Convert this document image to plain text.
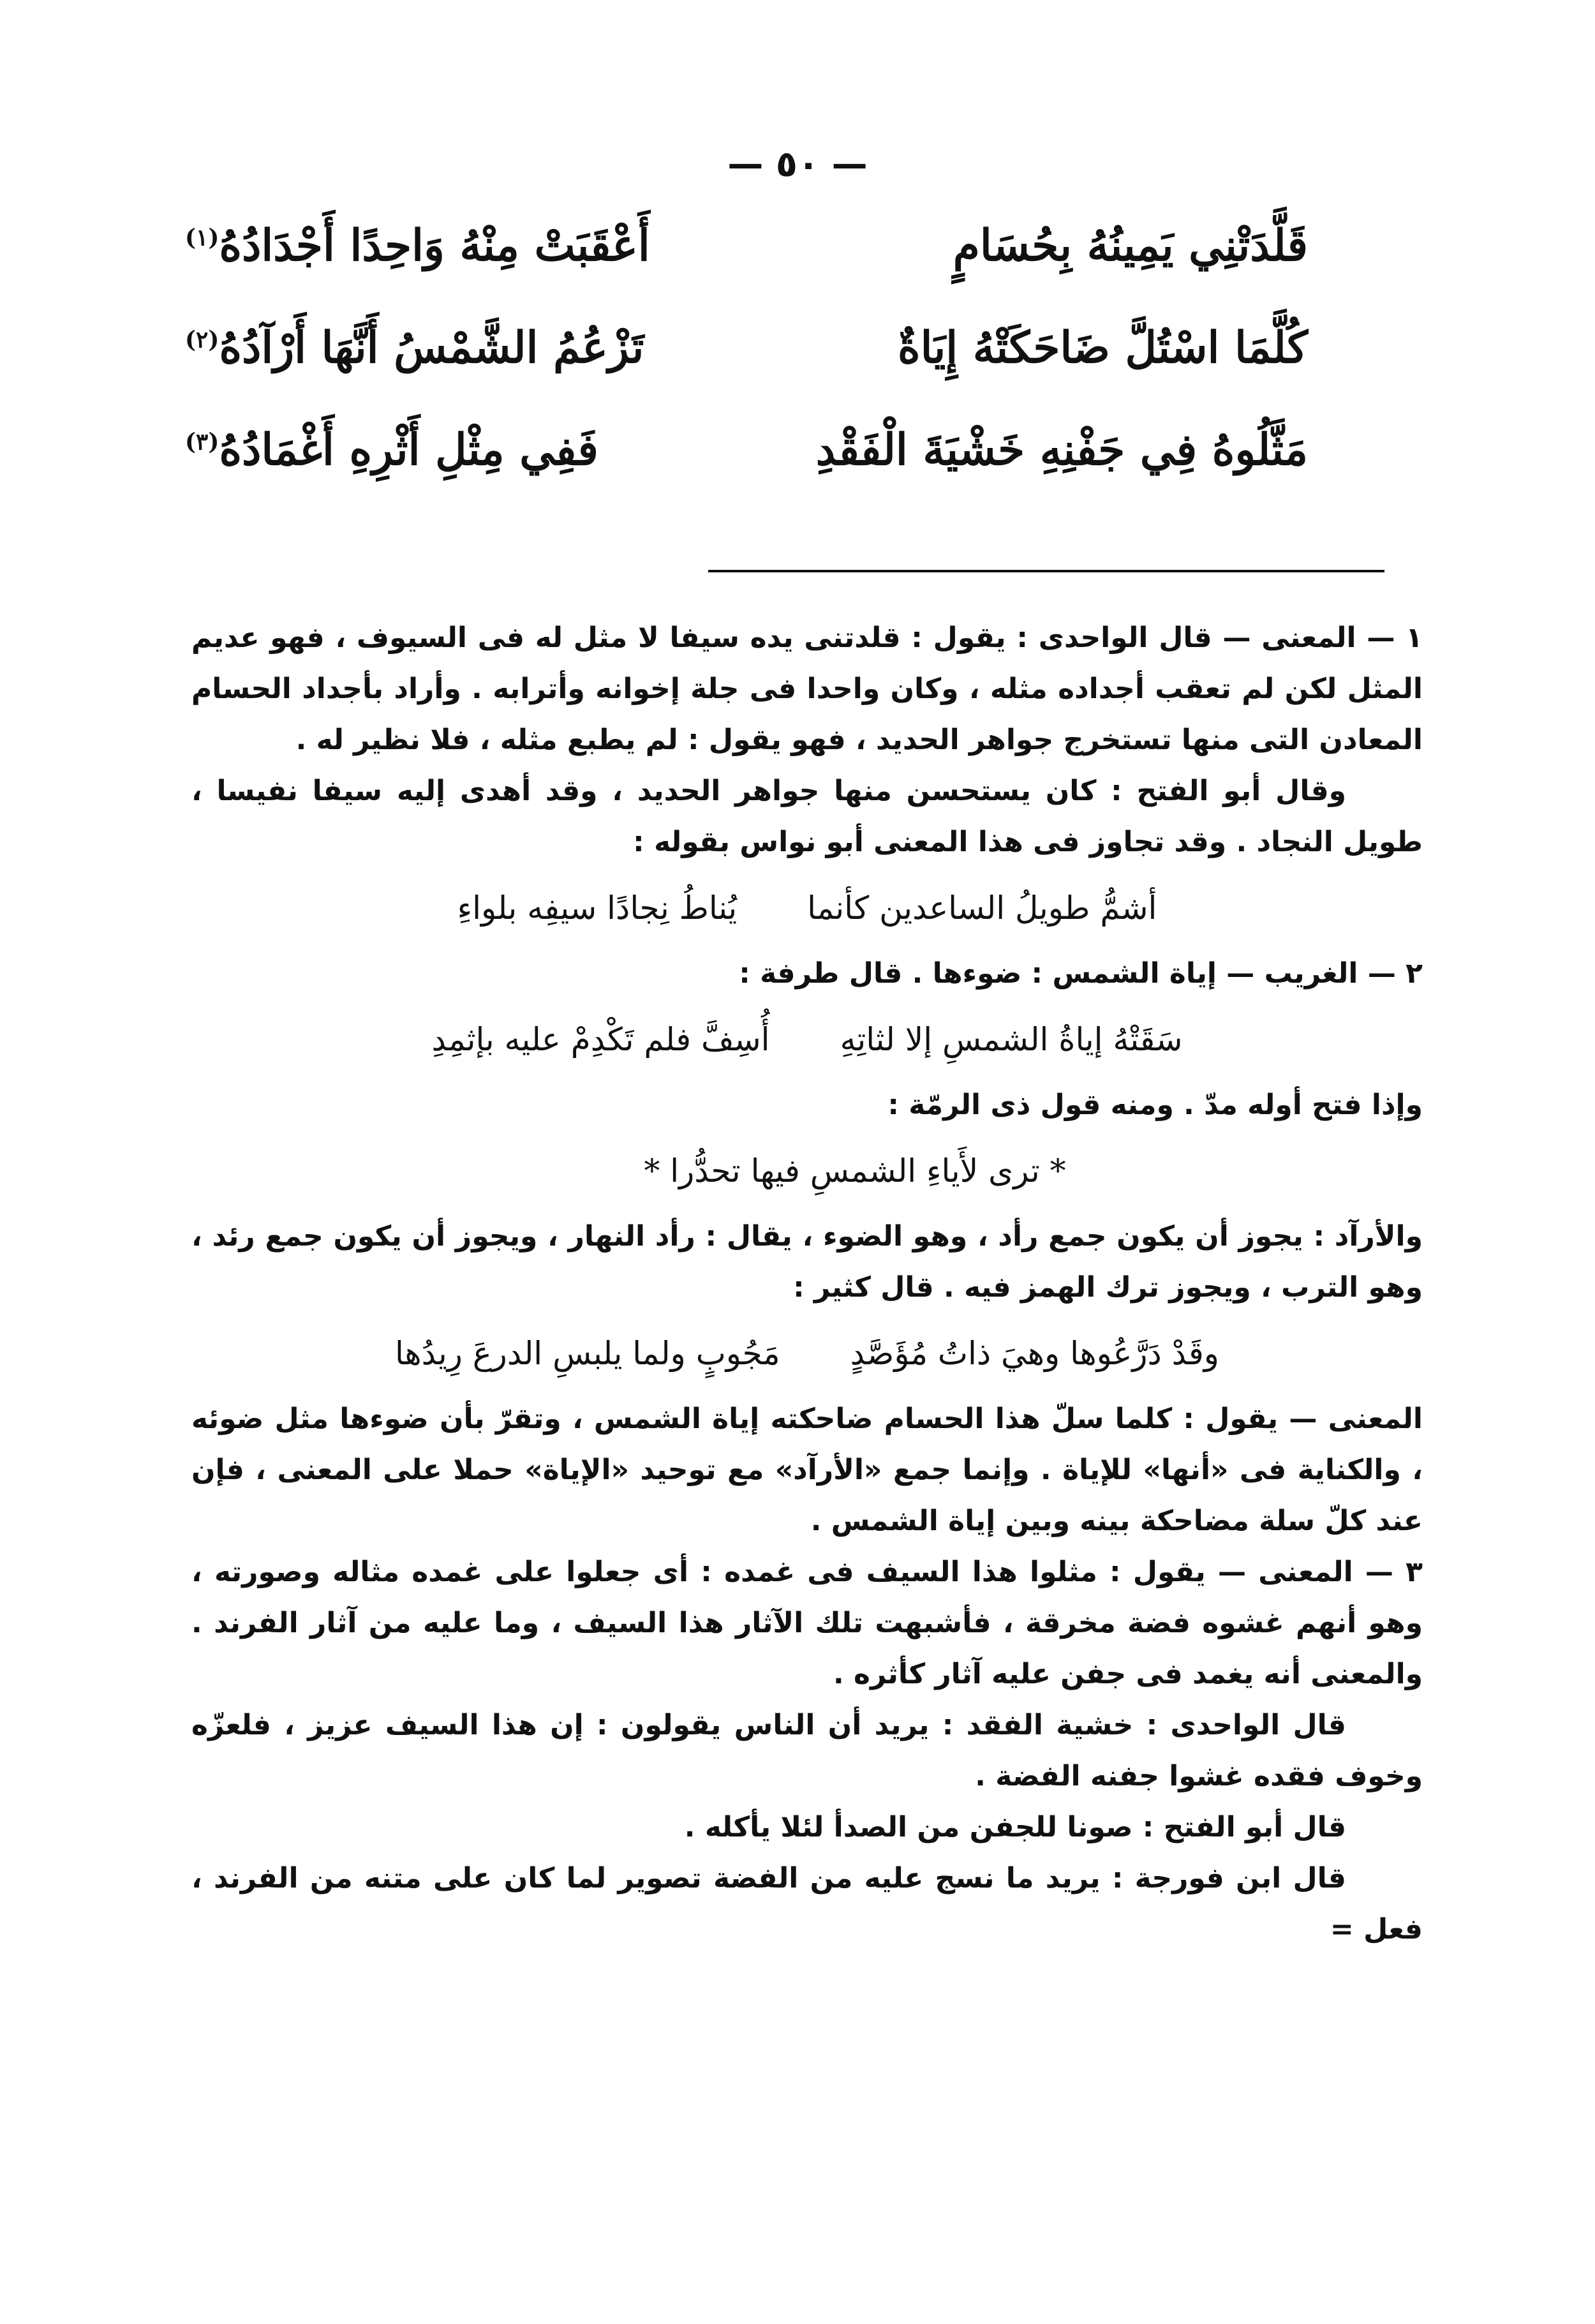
— ٥٠ —
قَلَّدَتْنِي يَمِينُهُ بِحُسَامٍ
أَعْقَبَتْ مِنْهُ وَاحِدًا أَجْدَادُهُ$^{(١)}$
كُلَّمَا اسْتُلَّ ضَاحَكَتْهُ إِيَاةٌ
تَزْعُمُ الشَّمْسُ أَنَّهَا أَرْآدُهُ$^{(٢)}$
مَثَّلُوهُ فِي جَفْنِهِ خَشْيَةَ الْفَقْدِ
فَفِي مِثْلِ أَثْرِهِ أَغْمَادُهُ$^{(٣)}$

١ — المعنى — قال الواحدى : يقول : قلدتنى يده سيفا لا مثل له فى السيوف ، فهو عديم المثل لكن لم تعقب أجداده مثله ، وكان واحدا فى جلة إخوانه وأترابه . وأراد بأجداد الحسام المعادن التى منها تستخرج جواهر الحديد ، فهو يقول : لم يطبع مثله ، فلا نظير له .

وقال أبو الفتح : كان يستحسن منها جواهر الحديد ، وقد أهدى إليه سيفا نفيسا ، طويل النجاد . وقد تجاوز فى هذا المعنى أبو نواس بقوله :

أشمُّ طويلُ الساعدين كأنما
يُناطُ نِجادًا سيفِه بلواءِ

٢ — الغريب — إياة الشمس : ضوءها . قال طرفة :

سَقَتْهُ إياةُ الشمسِ إلا لثاتِهِ
أُسِفَّ فلم تَكْدِمْ عليه بإثمِدِ

وإذا فتح أوله مدّ . ومنه قول ذى الرمّة :

* ترى لأَياءِ الشمسِ فيها تحدُّرا *

والأرآد : يجوز أن يكون جمع رأد ، وهو الضوء ، يقال : رأد النهار ، ويجوز أن يكون جمع رئد ، وهو الترب ، ويجوز ترك الهمز فيه . قال كثير :

وقَدْ دَرَّعُوها وهيَ ذاتُ مُؤَصَّدٍ
مَجُوبٍ ولما يلبسِ الدرعَ رِيدُها

المعنى — يقول : كلما سلّ هذا الحسام ضاحكته إياة الشمس ، وتقرّ بأن ضوءها مثل ضوئه ، والكناية فى «أنها» للإياة . وإنما جمع «الأرآد» مع توحيد «الإياة» حملا على المعنى ، فإن عند كلّ سلة مضاحكة بينه وبين إياة الشمس .

٣ — المعنى — يقول : مثلوا هذا السيف فى غمده : أى جعلوا على غمده مثاله وصورته ، وهو أنهم غشوه فضة مخرقة ، فأشبهت تلك الآثار هذا السيف ، وما عليه من آثار الفرند . والمعنى أنه يغمد فى جفن عليه آثار كأثره .

قال الواحدى : خشية الفقد : يريد أن الناس يقولون : إن هذا السيف عزيز ، فلعزّه وخوف فقده غشوا جفنه الفضة .

قال أبو الفتح : صونا للجفن من الصدأ لئلا يأكله .

قال ابن فورجة : يريد ما نسج عليه من الفضة تصوير لما كان على متنه من الفرند ، فعل =
